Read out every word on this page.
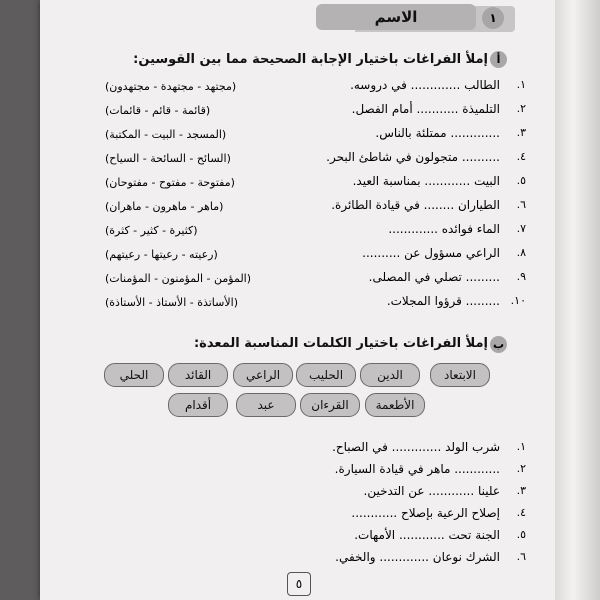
الاسم	١
أ
إملأ الفراغات باختيار الإجابة الصحيحة مما بين القوسين:
١.
الطالب ............. في دروسه.
(مجتهد - مجتهدة - مجتهدون)
٢.
التلميذة ........... أمام الفصل.
(قائمة - قائم - قائمات)
٣.
............. ممتلئة بالناس.
(المسجد - البيت - المكتبة)
٤.
.......... متجولون في شاطئ البحر.
(السائح - السائحة - السياح)
٥.
البيت ............ بمناسبة العيد.
(مفتوحة - مفتوح - مفتوحان)
٦.
الطياران ........ في قيادة الطائرة.
(ماهر - ماهرون - ماهران)
٧.
الماء فوائده .............
(كثيرة - كثير - كثرة)
٨.
الراعي مسؤول عن ..........
(رعيته - رعيتها - رعيتهم)
٩.
......... تصلي في المصلى.
(المؤمن - المؤمنون - المؤمنات)
١٠.
......... قرؤوا المجلات.
(الأساتذة - الأستاذ - الأستاذة)
ب
إملأ الفراغات باختيار الكلمات المناسبة المعدة:
الابتعاد
الدين
الحليب
الراعي
القائد
الحلي
الأطعمة
القرءان
عبد
أقدام
١.
شرب الولد ............. في الصباح.
٢.
............ ماهر في قيادة السيارة.
٣.
علينا ............ عن التدخين.
٤.
إصلاح الرعية بإصلاح ............
٥.
الجنة تحت ............ الأمهات.
٦.
الشرك نوعان ............. والخفي.
٥
